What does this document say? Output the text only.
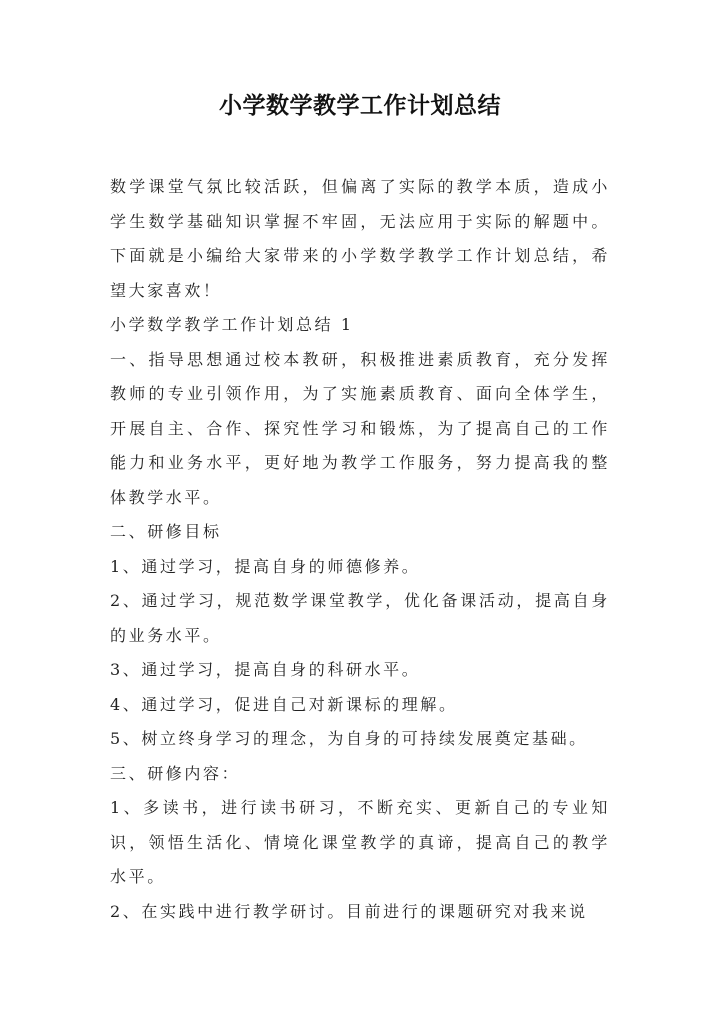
小学数学教学工作计划总结

数学课堂气氛比较活跃，但偏离了实际的教学本质，造成小学生数学基础知识掌握不牢固，无法应用于实际的解题中。下面就是小编给大家带来的小学数学教学工作计划总结，希望大家喜欢！

小学数学教学工作计划总结 1

一、指导思想通过校本教研，积极推进素质教育，充分发挥教师的专业引领作用，为了实施素质教育、面向全体学生，开展自主、合作、探究性学习和锻炼，为了提高自己的工作能力和业务水平，更好地为教学工作服务，努力提高我的整体教学水平。

二、研修目标

1、通过学习，提高自身的师德修养。

2、通过学习，规范数学课堂教学，优化备课活动，提高自身的业务水平。

3、通过学习，提高自身的科研水平。

4、通过学习，促进自己对新课标的理解。

5、树立终身学习的理念，为自身的可持续发展奠定基础。

三、研修内容：

1、多读书，进行读书研习，不断充实、更新自己的专业知识，领悟生活化、情境化课堂教学的真谛，提高自己的教学水平。

2、在实践中进行教学研讨。目前进行的课题研究对我来说
